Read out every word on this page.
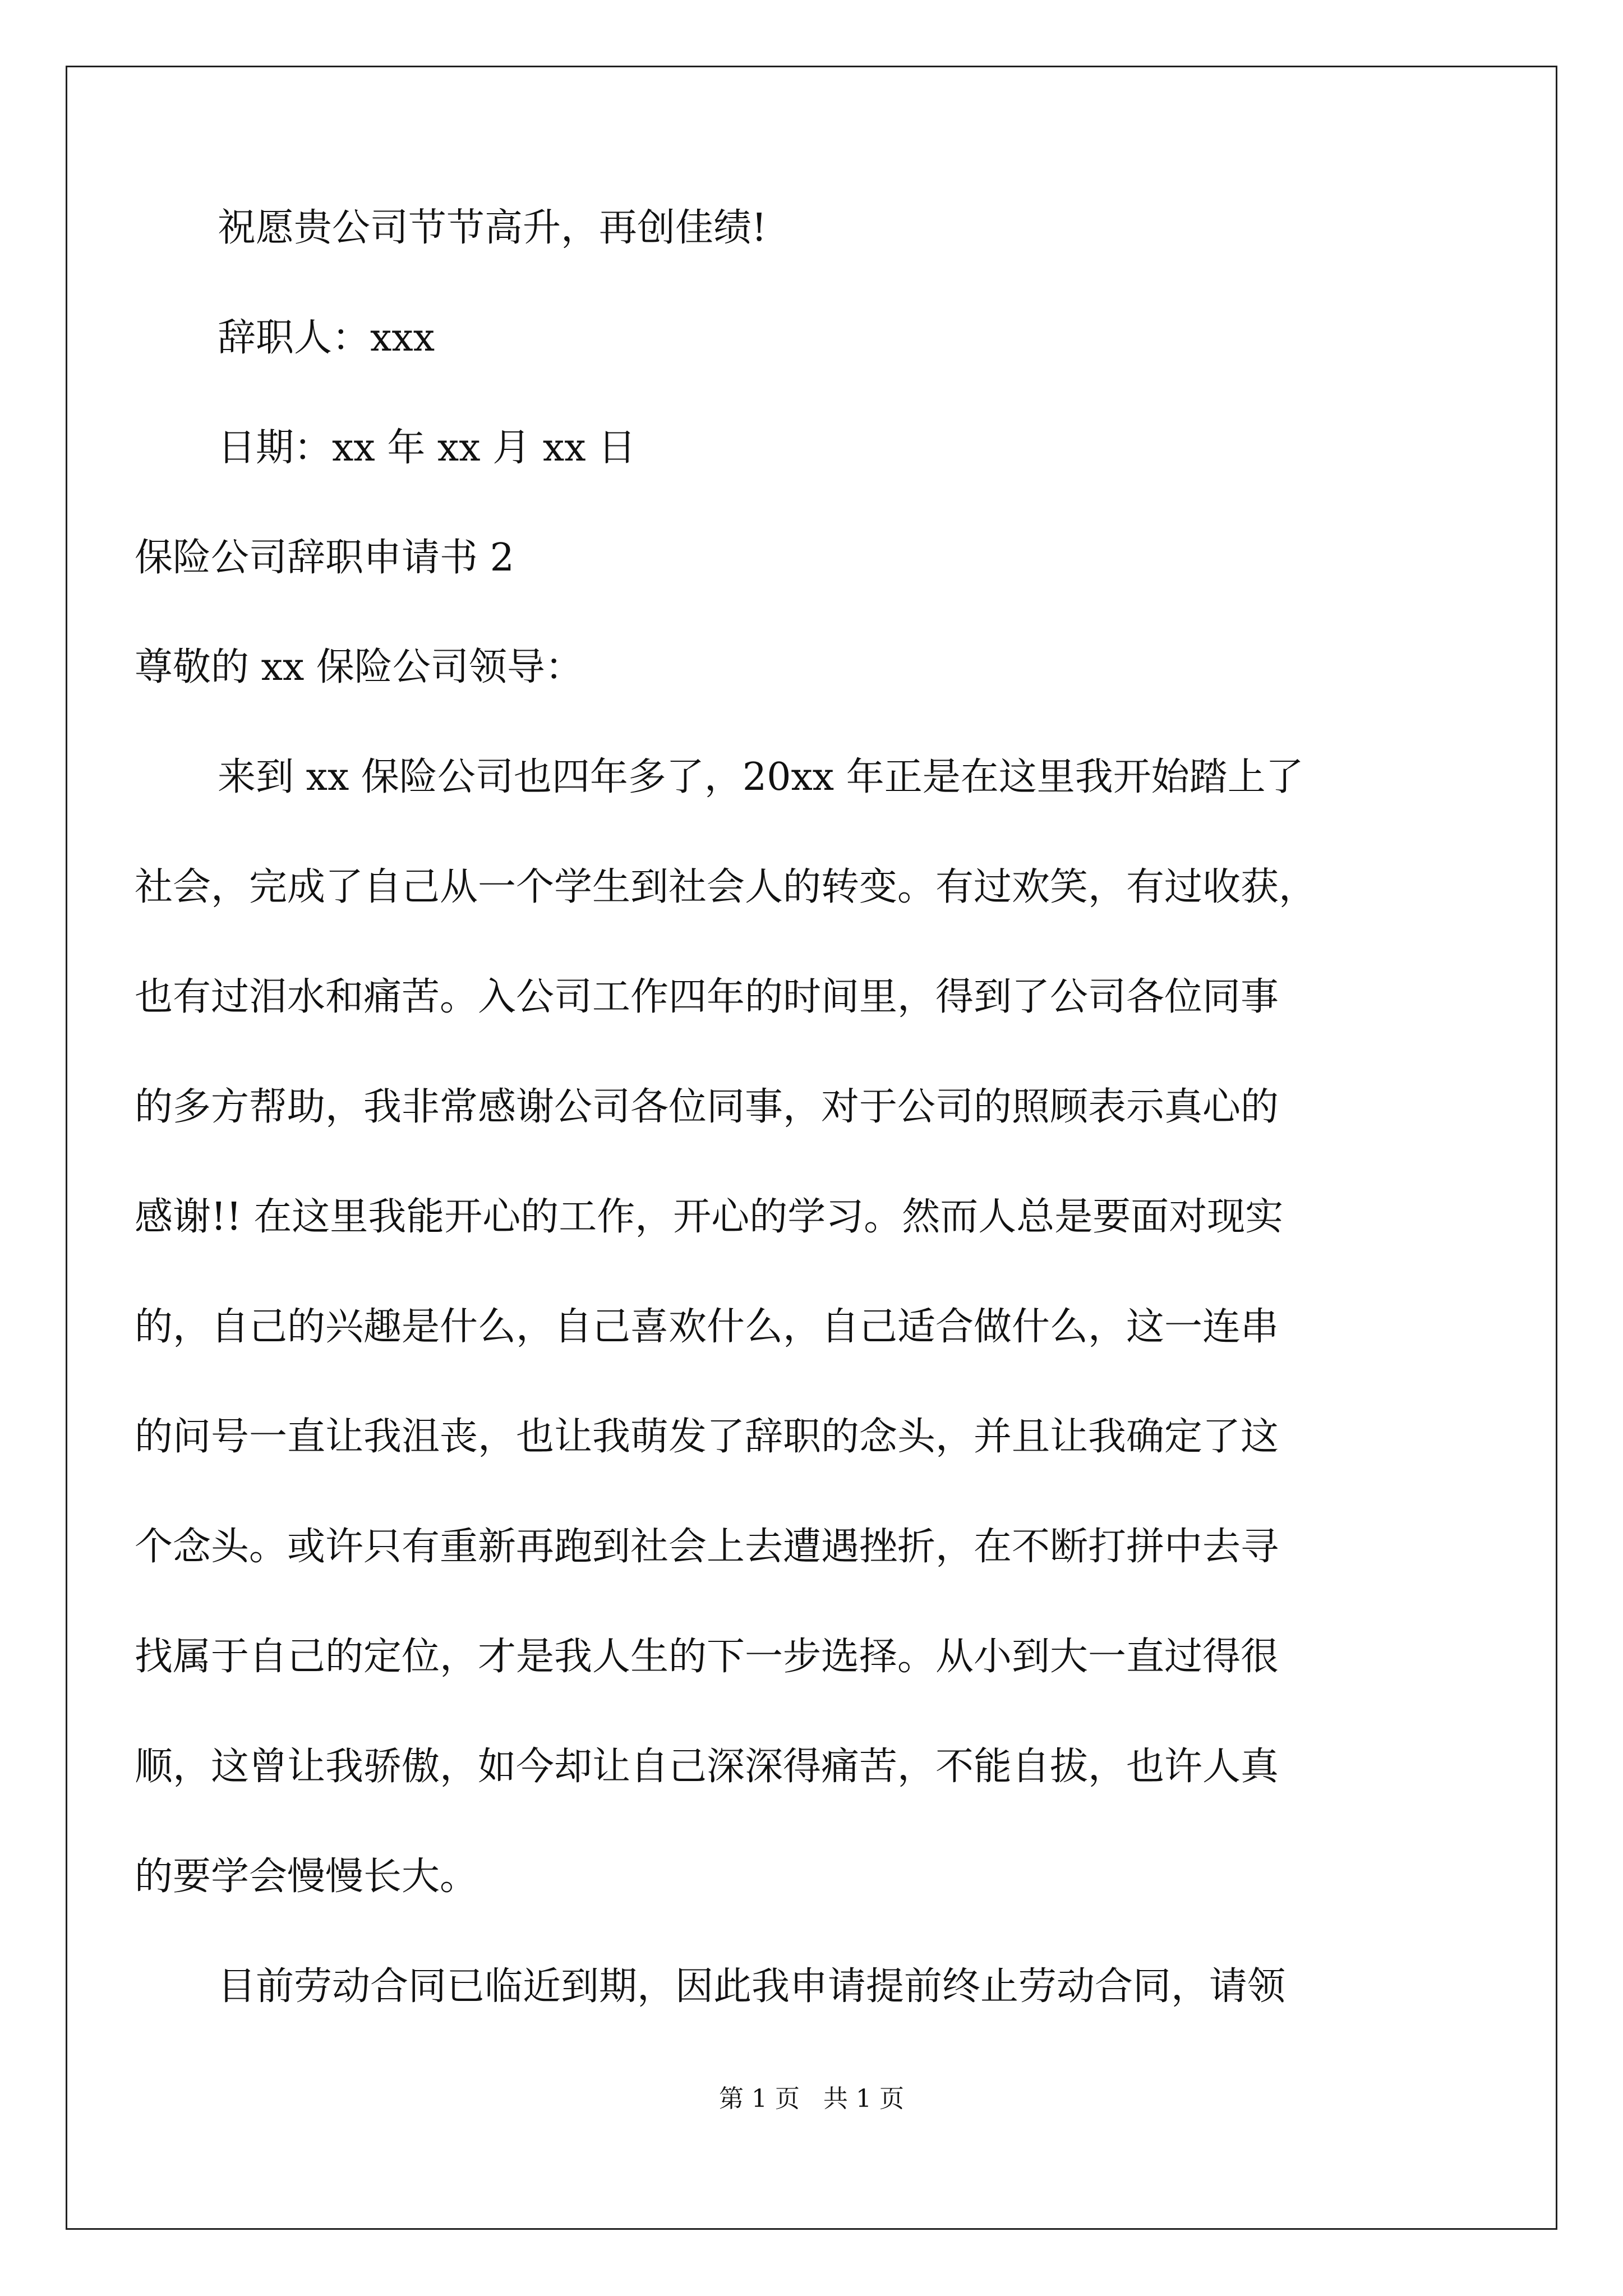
祝愿贵公司节节高升，再创佳绩!
辞职人：xxx
日期：xx 年 xx 月 xx 日
保险公司辞职申请书 2
尊敬的 xx 保险公司领导：
来到 xx 保险公司也四年多了，20xx 年正是在这里我开始踏上了
社会，完成了自己从一个学生到社会人的转变。有过欢笑，有过收获，
也有过泪水和痛苦。入公司工作四年的时间里，得到了公司各位同事
的多方帮助，我非常感谢公司各位同事，对于公司的照顾表示真心的
感谢!! 在这里我能开心的工作，开心的学习。然而人总是要面对现实
的，自己的兴趣是什么，自己喜欢什么，自己适合做什么，这一连串
的问号一直让我沮丧，也让我萌发了辞职的念头，并且让我确定了这
个念头。或许只有重新再跑到社会上去遭遇挫折，在不断打拼中去寻
找属于自己的定位，才是我人生的下一步选择。从小到大一直过得很
顺，这曾让我骄傲，如今却让自己深深得痛苦，不能自拔，也许人真
的要学会慢慢长大。
目前劳动合同已临近到期，因此我申请提前终止劳动合同，请领
第 1 页   共 1 页
